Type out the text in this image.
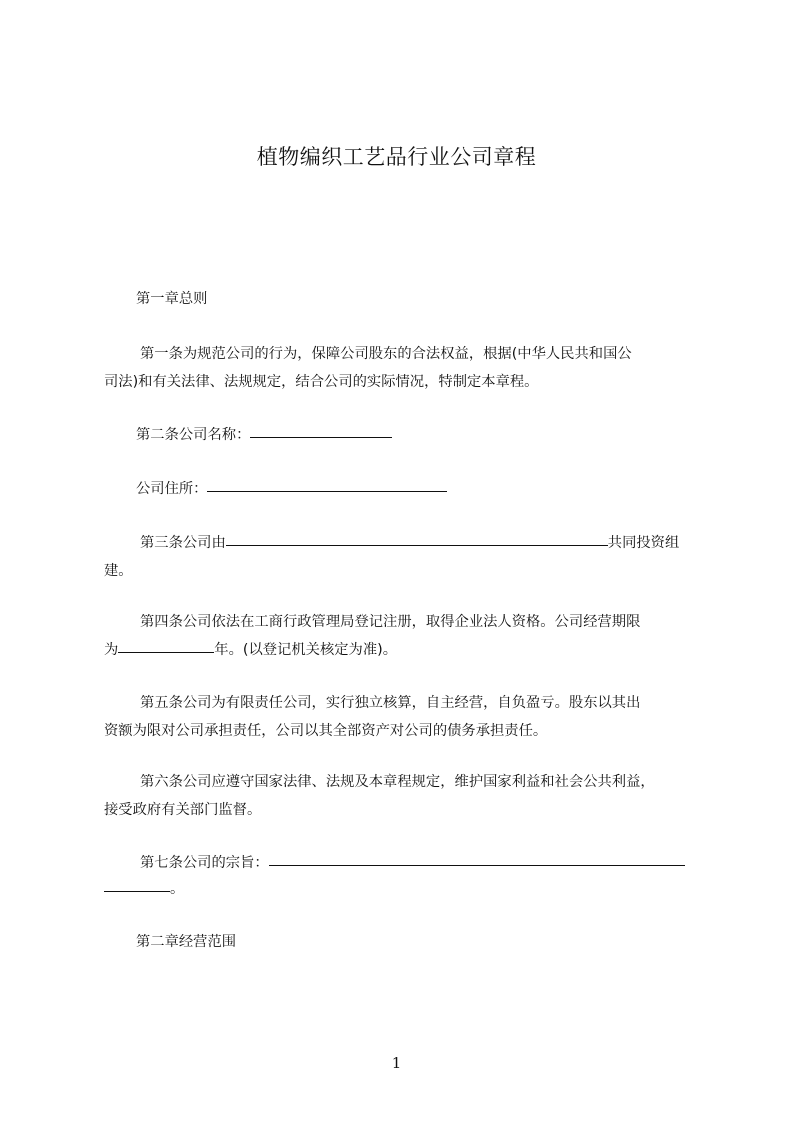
植物编织工艺品行业公司章程
第一章总则
第一条为规范公司的行为，保障公司股东的合法权益，根据(中华人民共和国公
司法)和有关法律、法规规定，结合公司的实际情况，特制定本章程。
第二条公司名称：
公司住所：
第三条公司由	共同投资组
建。
第四条公司依法在工商行政管理局登记注册，取得企业法人资格。公司经营期限
为	年。(以登记机关核定为准)。
第五条公司为有限责任公司，实行独立核算，自主经营，自负盈亏。股东以其出
资额为限对公司承担责任，公司以其全部资产对公司的债务承担责任。
第六条公司应遵守国家法律、法规及本章程规定，维护国家利益和社会公共利益，
接受政府有关部门监督。
第七条公司的宗旨：
。
第二章经营范围
1
